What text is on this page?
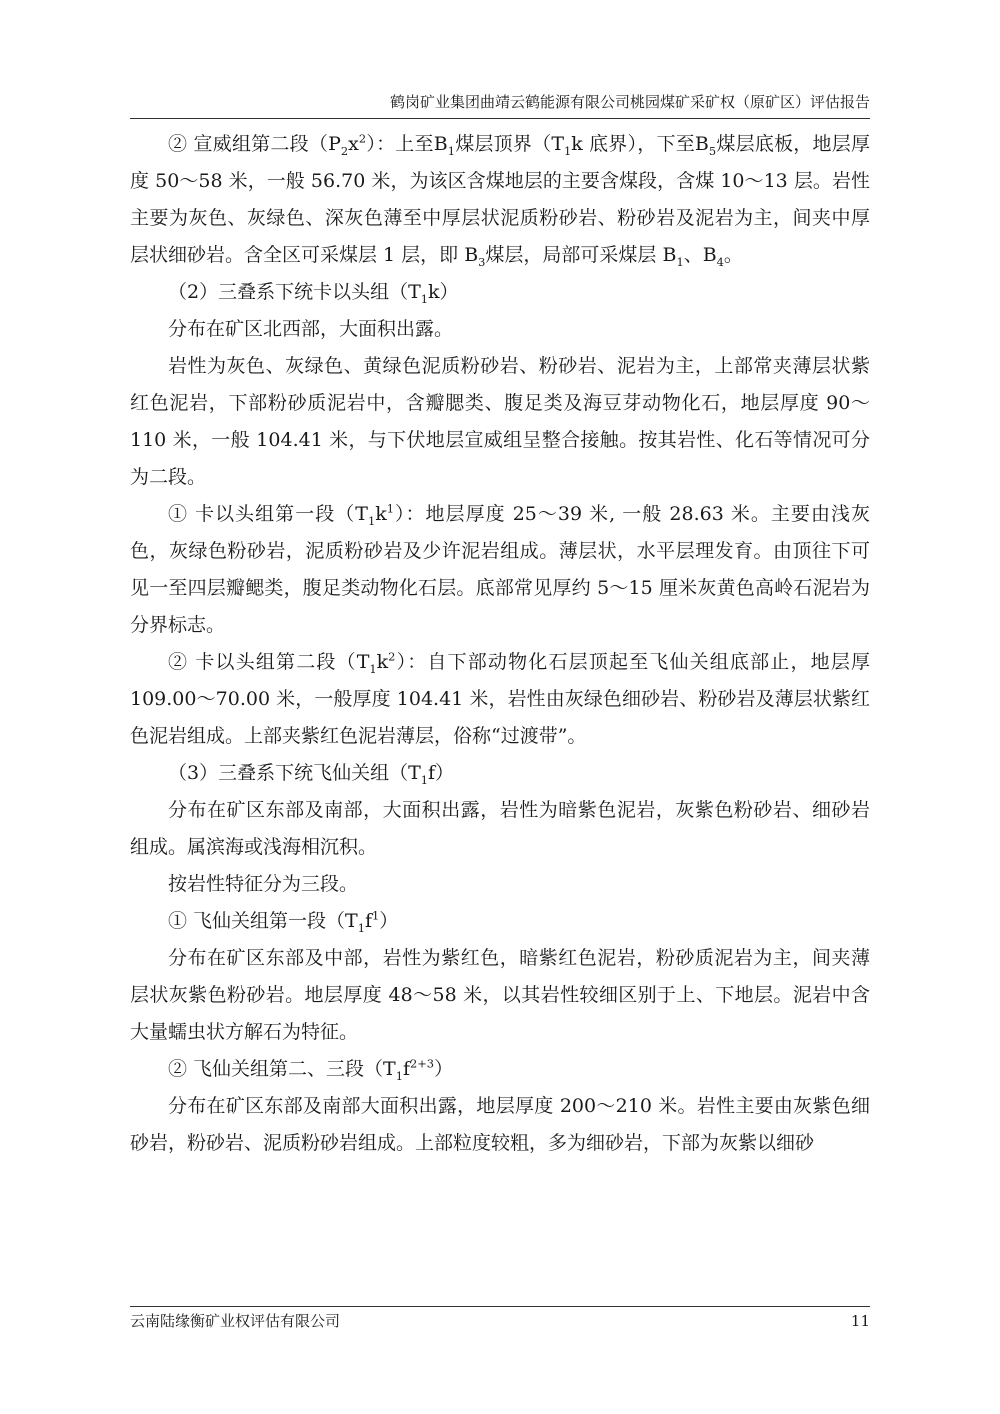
鹤岗矿业集团曲靖云鹤能源有限公司桃园煤矿采矿权（原矿区）评估报告

② 宣威组第二段$(P_2x^2)$：上至$B_1$煤层顶界（$T_1k$ 底界），下至$B_5$煤层底板，地层厚度 50～58 米，一般 56.70 米，为该区含煤地层的主要含煤段，含煤 10～13 层。岩性主要为灰色、灰绿色、深灰色薄至中厚层状泥质粉砂岩、粉砂岩及泥岩为主，间夹中厚层状细砂岩。含全区可采煤层 1 层，即 $B_3$煤层，局部可采煤层 $B_1$、$B_4$。

（2）三叠系下统卡以头组$(T_1k)$

分布在矿区北西部，大面积出露。

岩性为灰色、灰绿色、黄绿色泥质粉砂岩、粉砂岩、泥岩为主，上部常夹薄层状紫红色泥岩，下部粉砂质泥岩中，含瓣腮类、腹足类及海豆芽动物化石，地层厚度 90～110 米，一般 104.41 米，与下伏地层宣威组呈整合接触。按其岩性、化石等情况可分为二段。

① 卡以头组第一段$(T_1k^1)$：地层厚度 25～39 米, 一般 28.63 米。主要由浅灰色，灰绿色粉砂岩，泥质粉砂岩及少许泥岩组成。薄层状，水平层理发育。由顶往下可见一至四层瓣鳃类，腹足类动物化石层。底部常见厚约 5～15 厘米灰黄色高岭石泥岩为分界标志。

② 卡以头组第二段$(T_1k^2)$：自下部动物化石层顶起至飞仙关组底部止，地层厚109.00～70.00 米，一般厚度 104.41 米，岩性由灰绿色细砂岩、粉砂岩及薄层状紫红色泥岩组成。上部夹紫红色泥岩薄层，俗称“过渡带”。

（3）三叠系下统飞仙关组$(T_1f)$

分布在矿区东部及南部，大面积出露，岩性为暗紫色泥岩，灰紫色粉砂岩、细砂岩组成。属滨海或浅海相沉积。

按岩性特征分为三段。

① 飞仙关组第一段$(T_1f^1)$

分布在矿区东部及中部，岩性为紫红色，暗紫红色泥岩，粉砂质泥岩为主，间夹薄层状灰紫色粉砂岩。地层厚度 48～58 米，以其岩性较细区别于上、下地层。泥岩中含大量蠕虫状方解石为特征。

② 飞仙关组第二、三段$(T_1f^{2+3})$

分布在矿区东部及南部大面积出露，地层厚度 200～210 米。岩性主要由灰紫色细砂岩，粉砂岩、泥质粉砂岩组成。上部粒度较粗，多为细砂岩，下部为灰紫以细砂

云南陆缘衡矿业权评估有限公司	11
